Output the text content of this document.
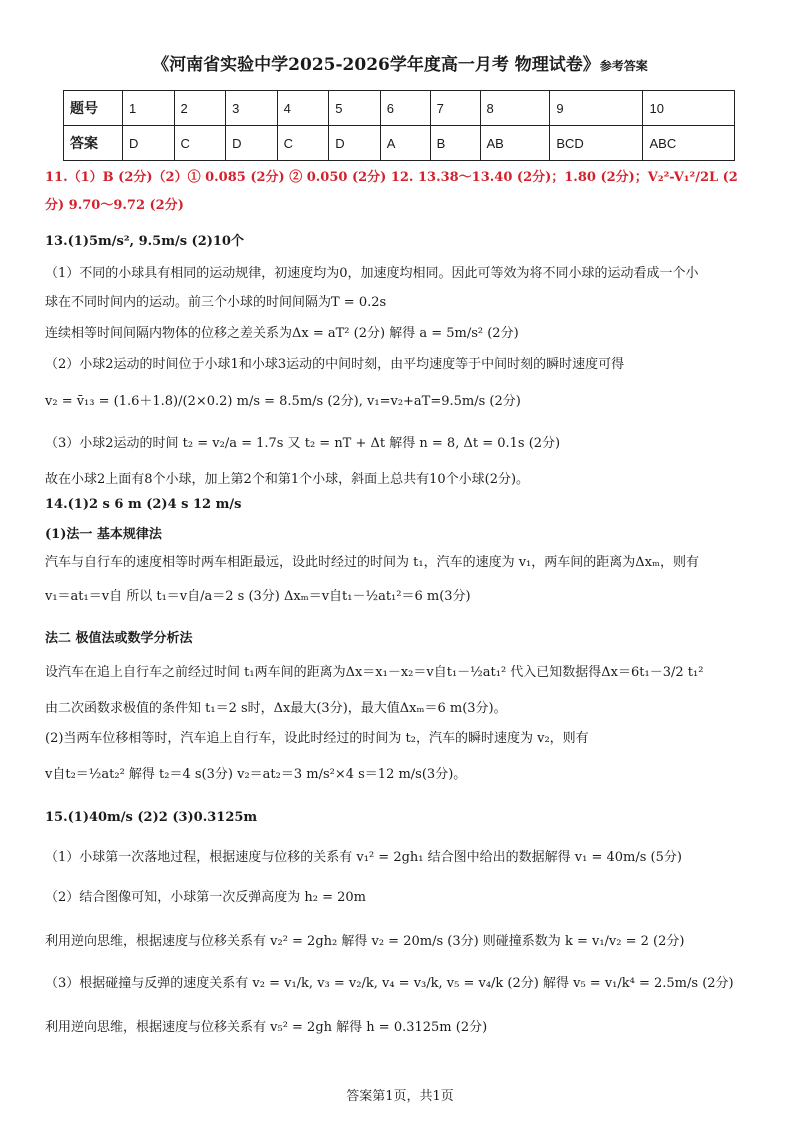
《河南省实验中学2025-2026学年度高一月考 物理试卷》参考答案
题号	1	2	3	4	5	6	7	8	9	10
答案	D	C	D	C	D	A	B	AB	BCD	ABC
11.（1）B (2分)（2）① 0.085 (2分) ② 0.050 (2分) 12. 13.38～13.40 (2分)；1.80 (2分)；V₂²-V₁²/2L (2
分) 9.70～9.72 (2分)
13.(1)5m/s², 9.5m/s (2)10个
（1）不同的小球具有相同的运动规律，初速度均为0，加速度均相同。因此可等效为将不同小球的运动看成一个小
球在不同时间内的运动。前三个小球的时间间隔为T = 0.2s
连续相等时间间隔内物体的位移之差关系为Δx = aT² (2分) 解得 a = 5m/s² (2分)
（2）小球2运动的时间位于小球1和小球3运动的中间时刻，由平均速度等于中间时刻的瞬时速度可得
v₂ = v̄₁₃ = (1.6＋1.8)/(2×0.2) m/s = 8.5m/s (2分), v₁=v₂+aT=9.5m/s (2分)
（3）小球2运动的时间 t₂ = v₂/a = 1.7s 又 t₂ = nT + Δt 解得 n = 8, Δt = 0.1s (2分)
故在小球2上面有8个小球，加上第2个和第1个小球，斜面上总共有10个小球(2分)。
14.(1)2 s 6 m (2)4 s 12 m/s
(1)法一 基本规律法
汽车与自行车的速度相等时两车相距最远，设此时经过的时间为 t₁，汽车的速度为 v₁，两车间的距离为Δxₘ，则有
v₁＝at₁＝v自 所以 t₁＝v自/a＝2 s (3分) Δxₘ＝v自t₁－½at₁²＝6 m(3分)
法二 极值法或数学分析法
设汽车在追上自行车之前经过时间 t₁两车间的距离为Δx＝x₁－x₂＝v自t₁－½at₁² 代入已知数据得Δx＝6t₁－3/2 t₁²
由二次函数求极值的条件知 t₁＝2 s时，Δx最大(3分)，最大值Δxₘ＝6 m(3分)。
(2)当两车位移相等时，汽车追上自行车，设此时经过的时间为 t₂，汽车的瞬时速度为 v₂，则有
v自t₂＝½at₂² 解得 t₂＝4 s(3分) v₂＝at₂＝3 m/s²×4 s＝12 m/s(3分)。
15.(1)40m/s (2)2 (3)0.3125m
（1）小球第一次落地过程，根据速度与位移的关系有 v₁² = 2gh₁ 结合图中给出的数据解得 v₁ = 40m/s (5分)
（2）结合图像可知，小球第一次反弹高度为 h₂ = 20m
利用逆向思维，根据速度与位移关系有 v₂² = 2gh₂ 解得 v₂ = 20m/s (3分) 则碰撞系数为 k = v₁/v₂ = 2 (2分)
（3）根据碰撞与反弹的速度关系有 v₂ = v₁/k, v₃ = v₂/k, v₄ = v₃/k, v₅ = v₄/k (2分) 解得 v₅ = v₁/k⁴ = 2.5m/s (2分)
利用逆向思维，根据速度与位移关系有 v₅² = 2gh 解得 h = 0.3125m (2分)
答案第1页，共1页
